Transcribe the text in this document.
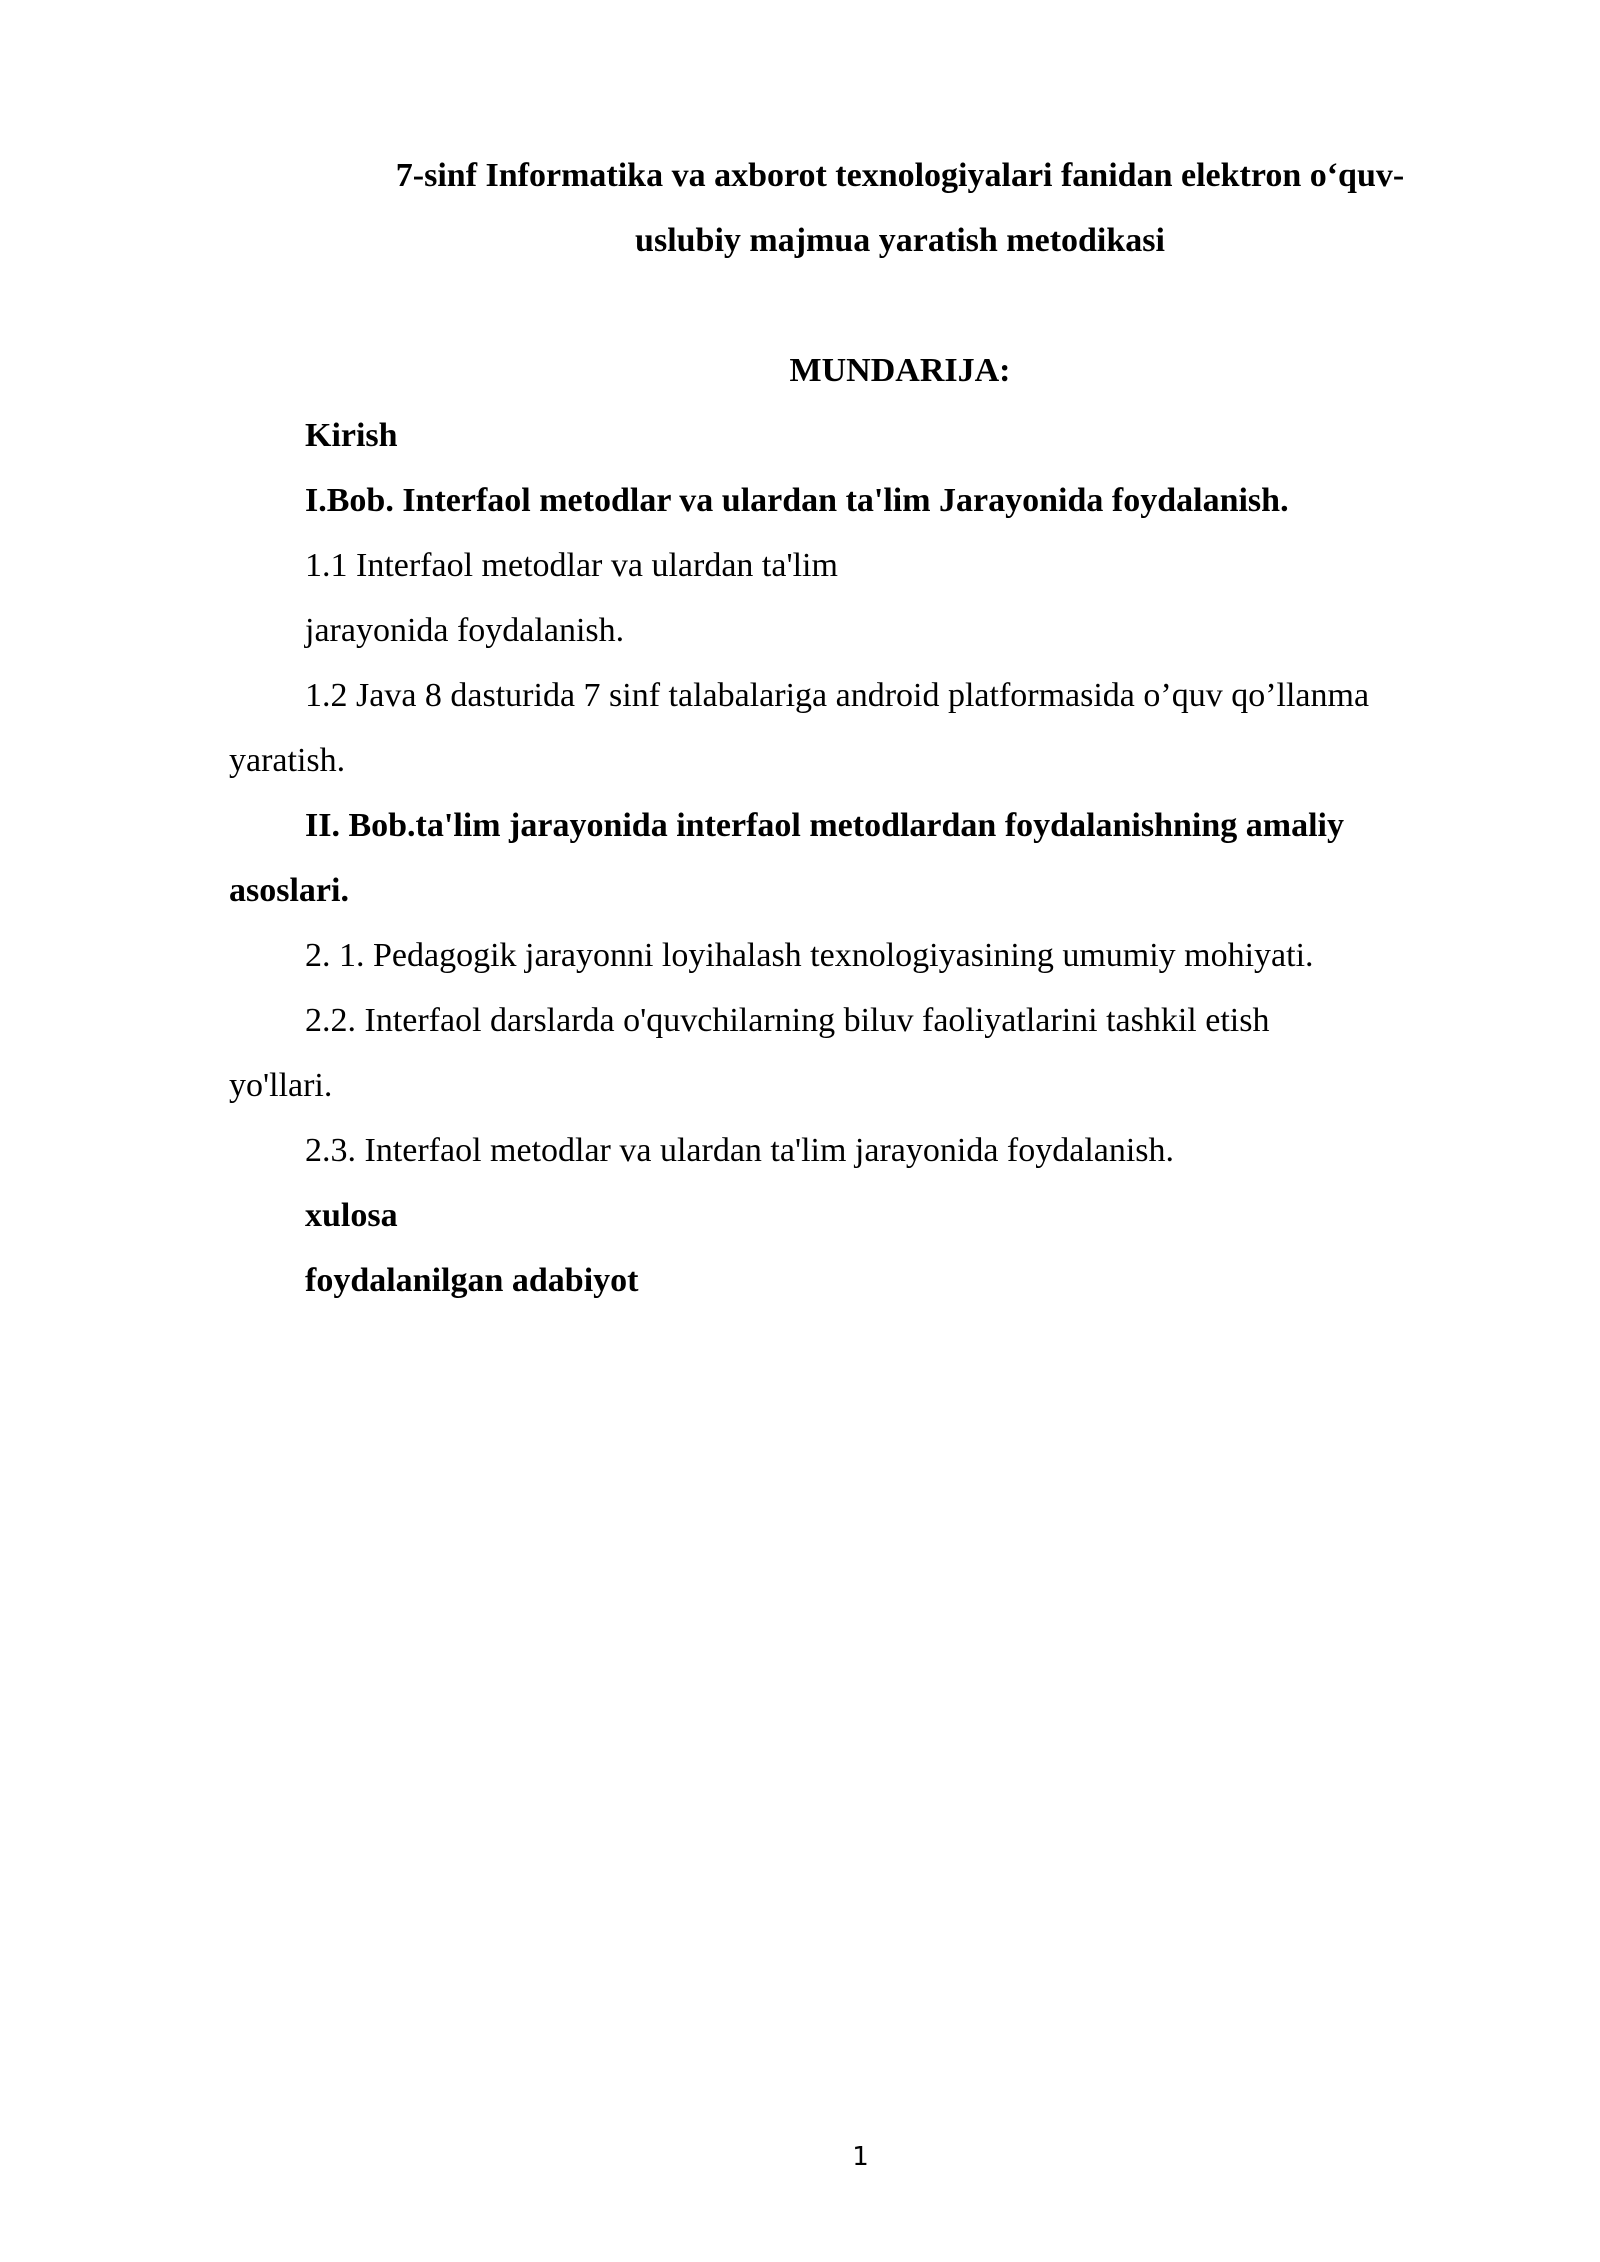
7-sinf Informatika va axborot texnologiyalari fanidan elektron o‘quv-
uslubiy majmua yaratish metodikasi
MUNDARIJA:
Kirish
I.Bob. Interfaol metodlar va ulardan ta'lim Jarayonida foydalanish.
1.1 Interfaol metodlar va ulardan ta'lim
jarayonida foydalanish.
1.2 Java 8 dasturida 7 sinf talabalariga android platformasida o’quv qo’llanma
yaratish.
II. Bob.ta'lim jarayonida interfaol metodlardan foydalanishning amaliy
asoslari.
2. 1. Pedagogik jarayonni loyihalash texnologiyasining umumiy mohiyati.
2.2. Interfaol darslarda o'quvchilarning biluv faoliyatlarini tashkil etish
yo'llari.
2.3. Interfaol metodlar va ulardan ta'lim jarayonida foydalanish.
xulosa
foydalanilgan adabiyot
1
